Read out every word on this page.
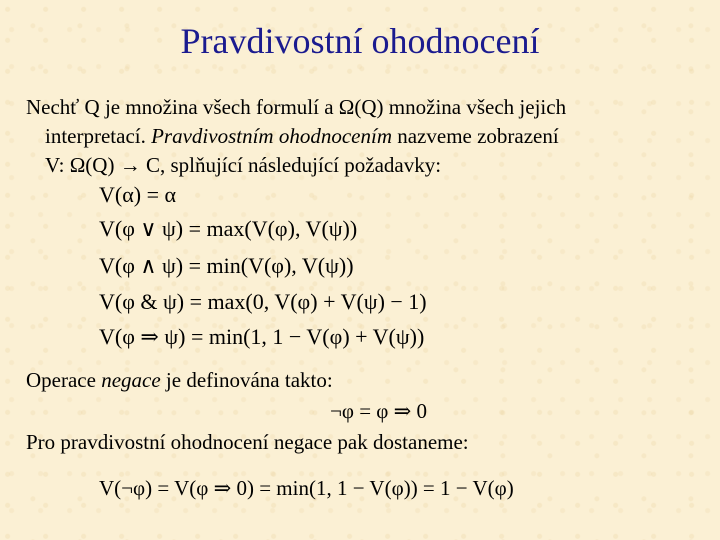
Pravdivostní ohodnocení
Nechť Q je množina všech formulí a Ω(Q) množina všech jejich
interpretací. Pravdivostním ohodnocením nazveme zobrazení
V: Ω(Q) → C, splňující následující požadavky:
V(α) = α
V(φ ∨ ψ) = max(V(φ), V(ψ))
V(φ ∧ ψ) = min(V(φ), V(ψ))
V(φ & ψ) = max(0, V(φ) + V(ψ) − 1)
V(φ ⇒ ψ) = min(1, 1 − V(φ) + V(ψ))
Operace negace je definována takto:
¬φ = φ ⇒ 0
Pro pravdivostní ohodnocení negace pak dostaneme:
V(¬φ) = V(φ ⇒ 0) = min(1, 1 − V(φ)) = 1 − V(φ)
